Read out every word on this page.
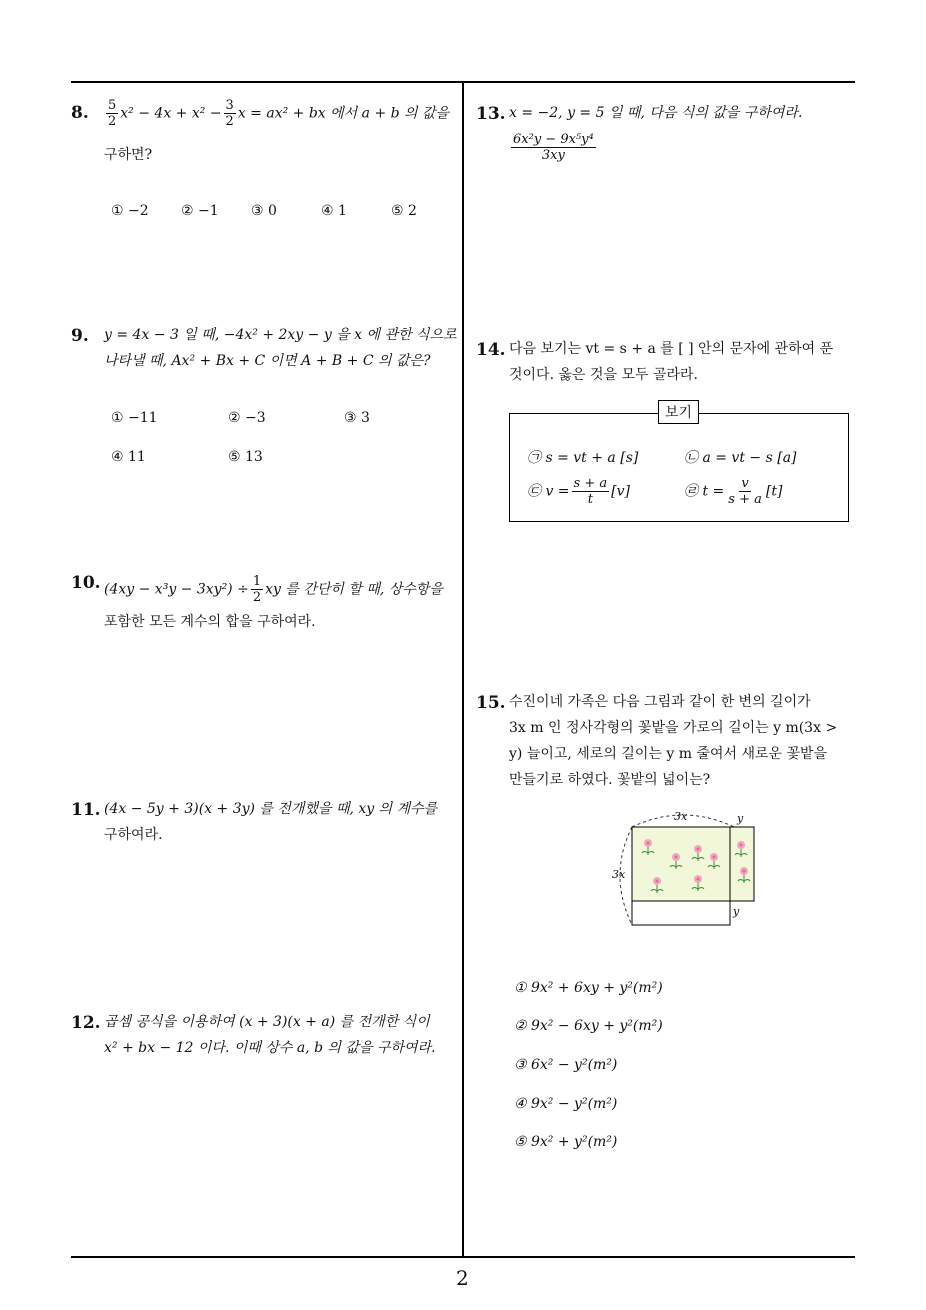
8. $\frac{5}{2} x^2 - 4x + x^2 - \frac{3}{2}$ x = ax² + bx 에서 a + b 의 값을
구하면?
① −2 ② −1 ③ 0	④ 1	⑤ 2
9. y = 4x − 3 일 때, −4x² + 2xy − y 을 x 에 관한 식으로
나타낼 때, Ax² + Bx + C 이면 A + B + C 의 값은?
① −11	② −3	③ 3
④ 11	⑤ 13
10. $(4xy - x^3y - 3xy^2) \div \frac{1}{2}$ xy 를 간단히 할 때, 상수항을
포함한 모든 계수의 합을 구하여라.
11. (4x − 5y + 3)(x + 3y) 를 전개했을 때, xy 의 계수를
구하여라.
12. 곱셈 공식을 이용하여 (x + 3)(x + a) 를 전개한 식이
x² + bx − 12 이다. 이때 상수 a, b 의 값을 구하여라.
13. x = −2, y = 5 일 때, 다음 식의 값을 구하여라.
$\frac{\text{6x²y − 9x⁵y⁴}}{3xy}$
14. 다음 보기는 vt = s + a 를 [ ] 안의 문자에 관하여 푼
것이다. 옳은 것을 모두 골라라.
보기
㉠ s = vt + a [s]	㉡ a = vt − s [a]
㉢ $v = \frac{s + a}{t} [v]$	㉣ $t = \frac{v}{s + a} [t]$
15. 수진이네 가족은 다음 그림과 같이 한 변의 길이가
3x m 인 정사각형의 꽃밭을 가로의 길이는 y m(3x >
y) 늘이고, 세로의 길이는 y m 줄여서 새로운 꽃밭을
만들기로 하였다. 꽃밭의 넓이는?
3x
3x
y
y
① 9x² + 6xy + y²(m²)
② 9x² − 6xy + y²(m²)
③ 6x² − y²(m²)
④ 9x² − y²(m²)
⑤ 9x² + y²(m²)
2
